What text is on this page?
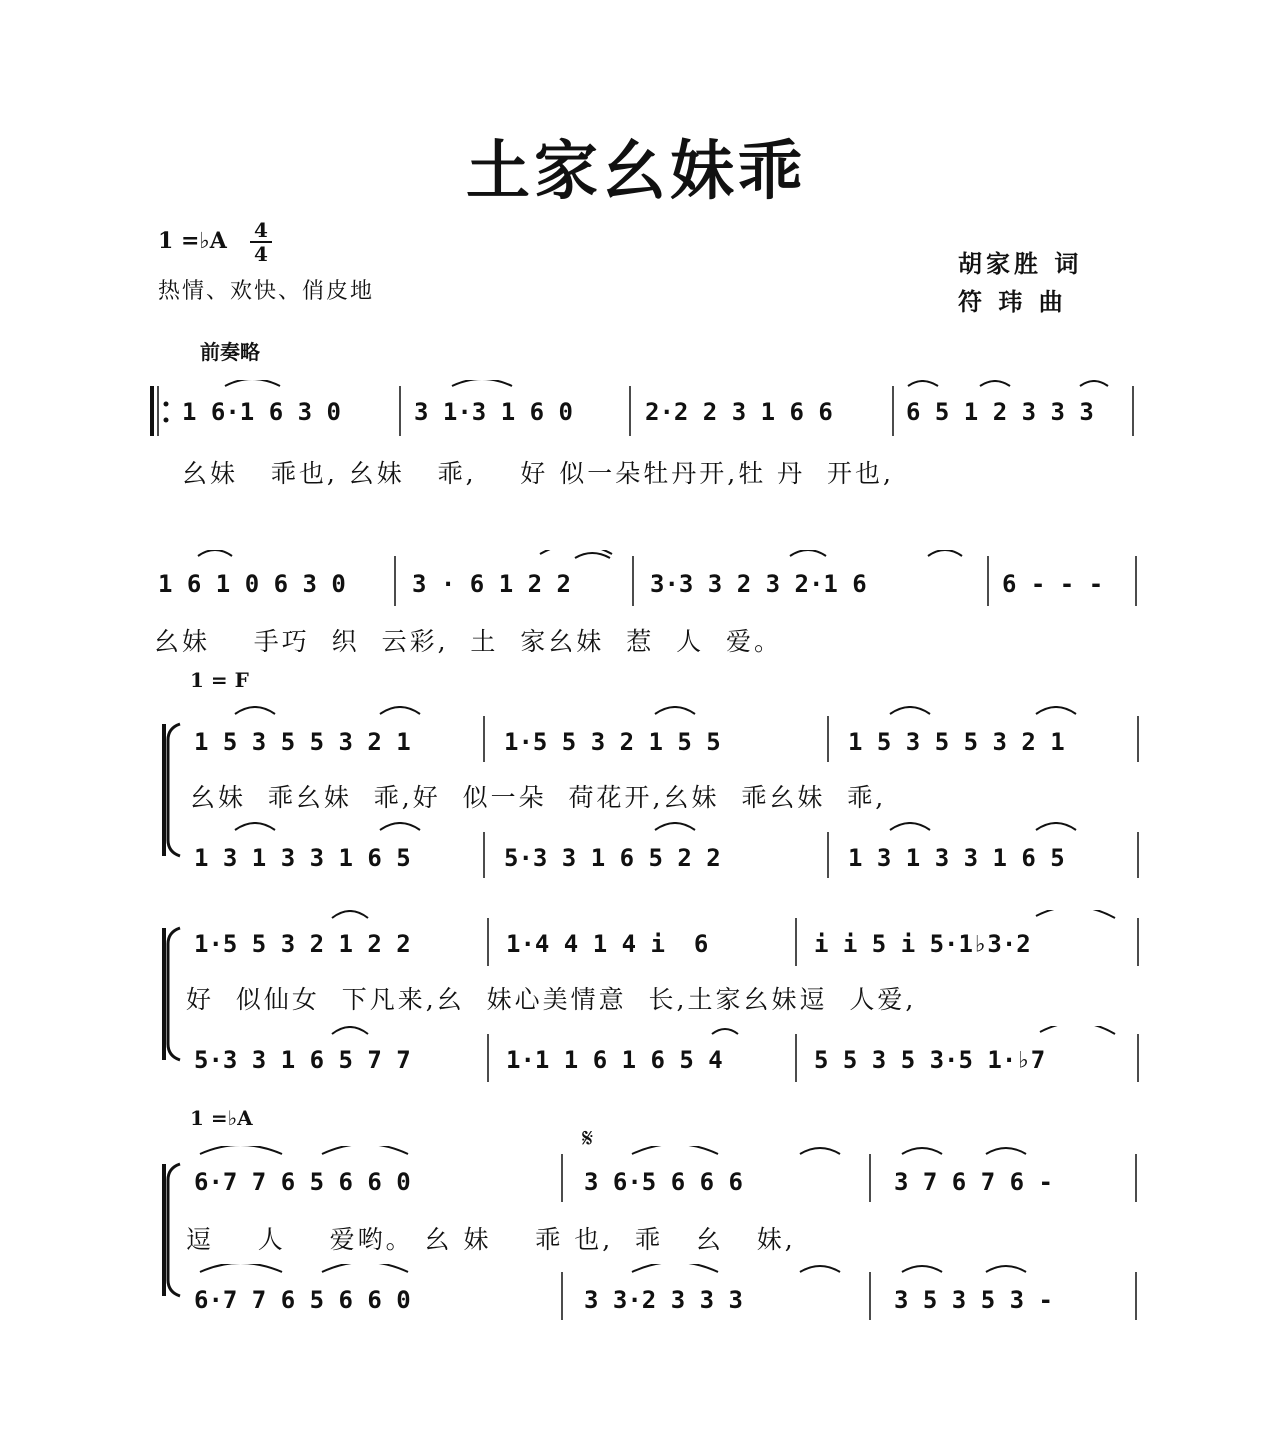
土家幺妹乖
1 =♭A 4
4
热情、欢快、俏皮地
胡家胜 词
符 玮 曲
前奏略
1 6·1 6 3 0	3 1·3 1 6 0	2·2 2 3 1 6 6	6 5 1 2 3 3 3
幺妹   乖也, 幺妹   乖,    好 似一朵牡丹开,牡 丹  开也,
1 6 1 0 6 3 0	3 · 6 1 2 2	3·3 3 2 3 2·1 6	6 - - -
幺妹    手巧  织  云彩,  土  家幺妹  惹  人  爱。
1 = F
1 5 3 5 5 3 2 1	1·5 5 3 2 1 5 5	1 5 3 5 5 3 2 1
幺妹  乖幺妹  乖,好  似一朵  荷花开,幺妹  乖幺妹  乖,
1 3 1 3 3 1 6 5	5·3 3 1 6 5 2 2	1 3 1 3 3 1 6 5
1·5 5 3 2 1 2 2	1·4 4 1 4 i  6	i i 5 i 5·1♭3·2
好  似仙女  下凡来,幺  妹心美情意  长,土家幺妹逗  人爱,
5·3 3 1 6 5 7 7	1·1 1 6 1 6 5 4	5 5 3 5 3·5 1·♭7
1 =♭A
𝄋
6·7 7 6 5 6 6 0	3 6·5 6 6 6	3 7 6 7 6 -
逗    人    爱哟。 幺 妹    乖 也,  乖   幺   妹,
6·7 7 6 5 6 6 0	3 3·2 3 3 3	3 5 3 5 3 -
